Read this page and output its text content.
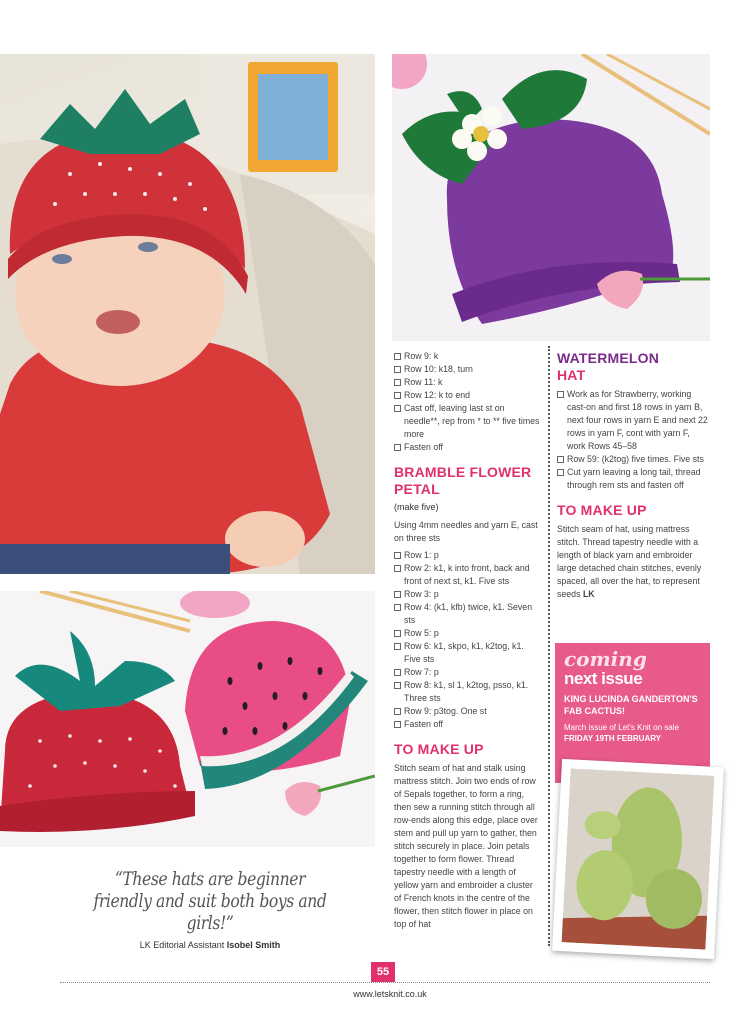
“These hats are beginner friendly and suit both boys and girls!”
LK Editorial Assistant Isobel Smith
Row 9: k
Row 10: k18, turn
Row 11: k
Row 12: k to end
Cast off, leaving last st on needle**, rep from * to ** five times more
Fasten off
BRAMBLE FLOWER
PETAL
(make five)
Using 4mm needles and yarn E, cast on three sts
Row 1: p
Row 2: k1, k into front, back and front of next st, k1. Five sts
Row 3: p
Row 4: (k1, kfb) twice, k1. Seven sts
Row 5: p
Row 6: k1, skpo, k1, k2tog, k1. Five sts
Row 7: p
Row 8: k1, sl 1, k2tog, psso, k1. Three sts
Row 9: p3tog. One st
Fasten off
TO MAKE UP
Stitch seam of hat and stalk using mattress stitch. Join two ends of row of Sepals together, to form a ring, then sew a running stitch through all row-ends along this edge, place over stem and pull up yarn to gather, then stitch securely in place. Join petals together to form flower. Thread tapestry needle with a length of yellow yarn and embroider a cluster of French knots in the centre of the flower, then stitch flower in place on top of hat
WATERMELON
HAT
Work as for Strawberry, working cast-on and first 18 rows in yarn B, next four rows in yarn E and next 22 rows in yarn F, cont with yarn F, work Rows 45–58
Row 59: (k2tog) five times. Five sts
Cut yarn leaving a long tail, thread through rem sts and fasten off
TO MAKE UP
Stitch seam of hat, using mattress stitch. Thread tapestry needle with a length of black yarn and embroider large detached chain stitches, evenly spaced, all over the hat, to represent seeds LK
coming
next issue
KING LUCINDA GANDERTON'S FAB CACTUS!
March issue of Let's Knit on sale
FRIDAY 19TH FEBRUARY
55
www.letsknit.co.uk
